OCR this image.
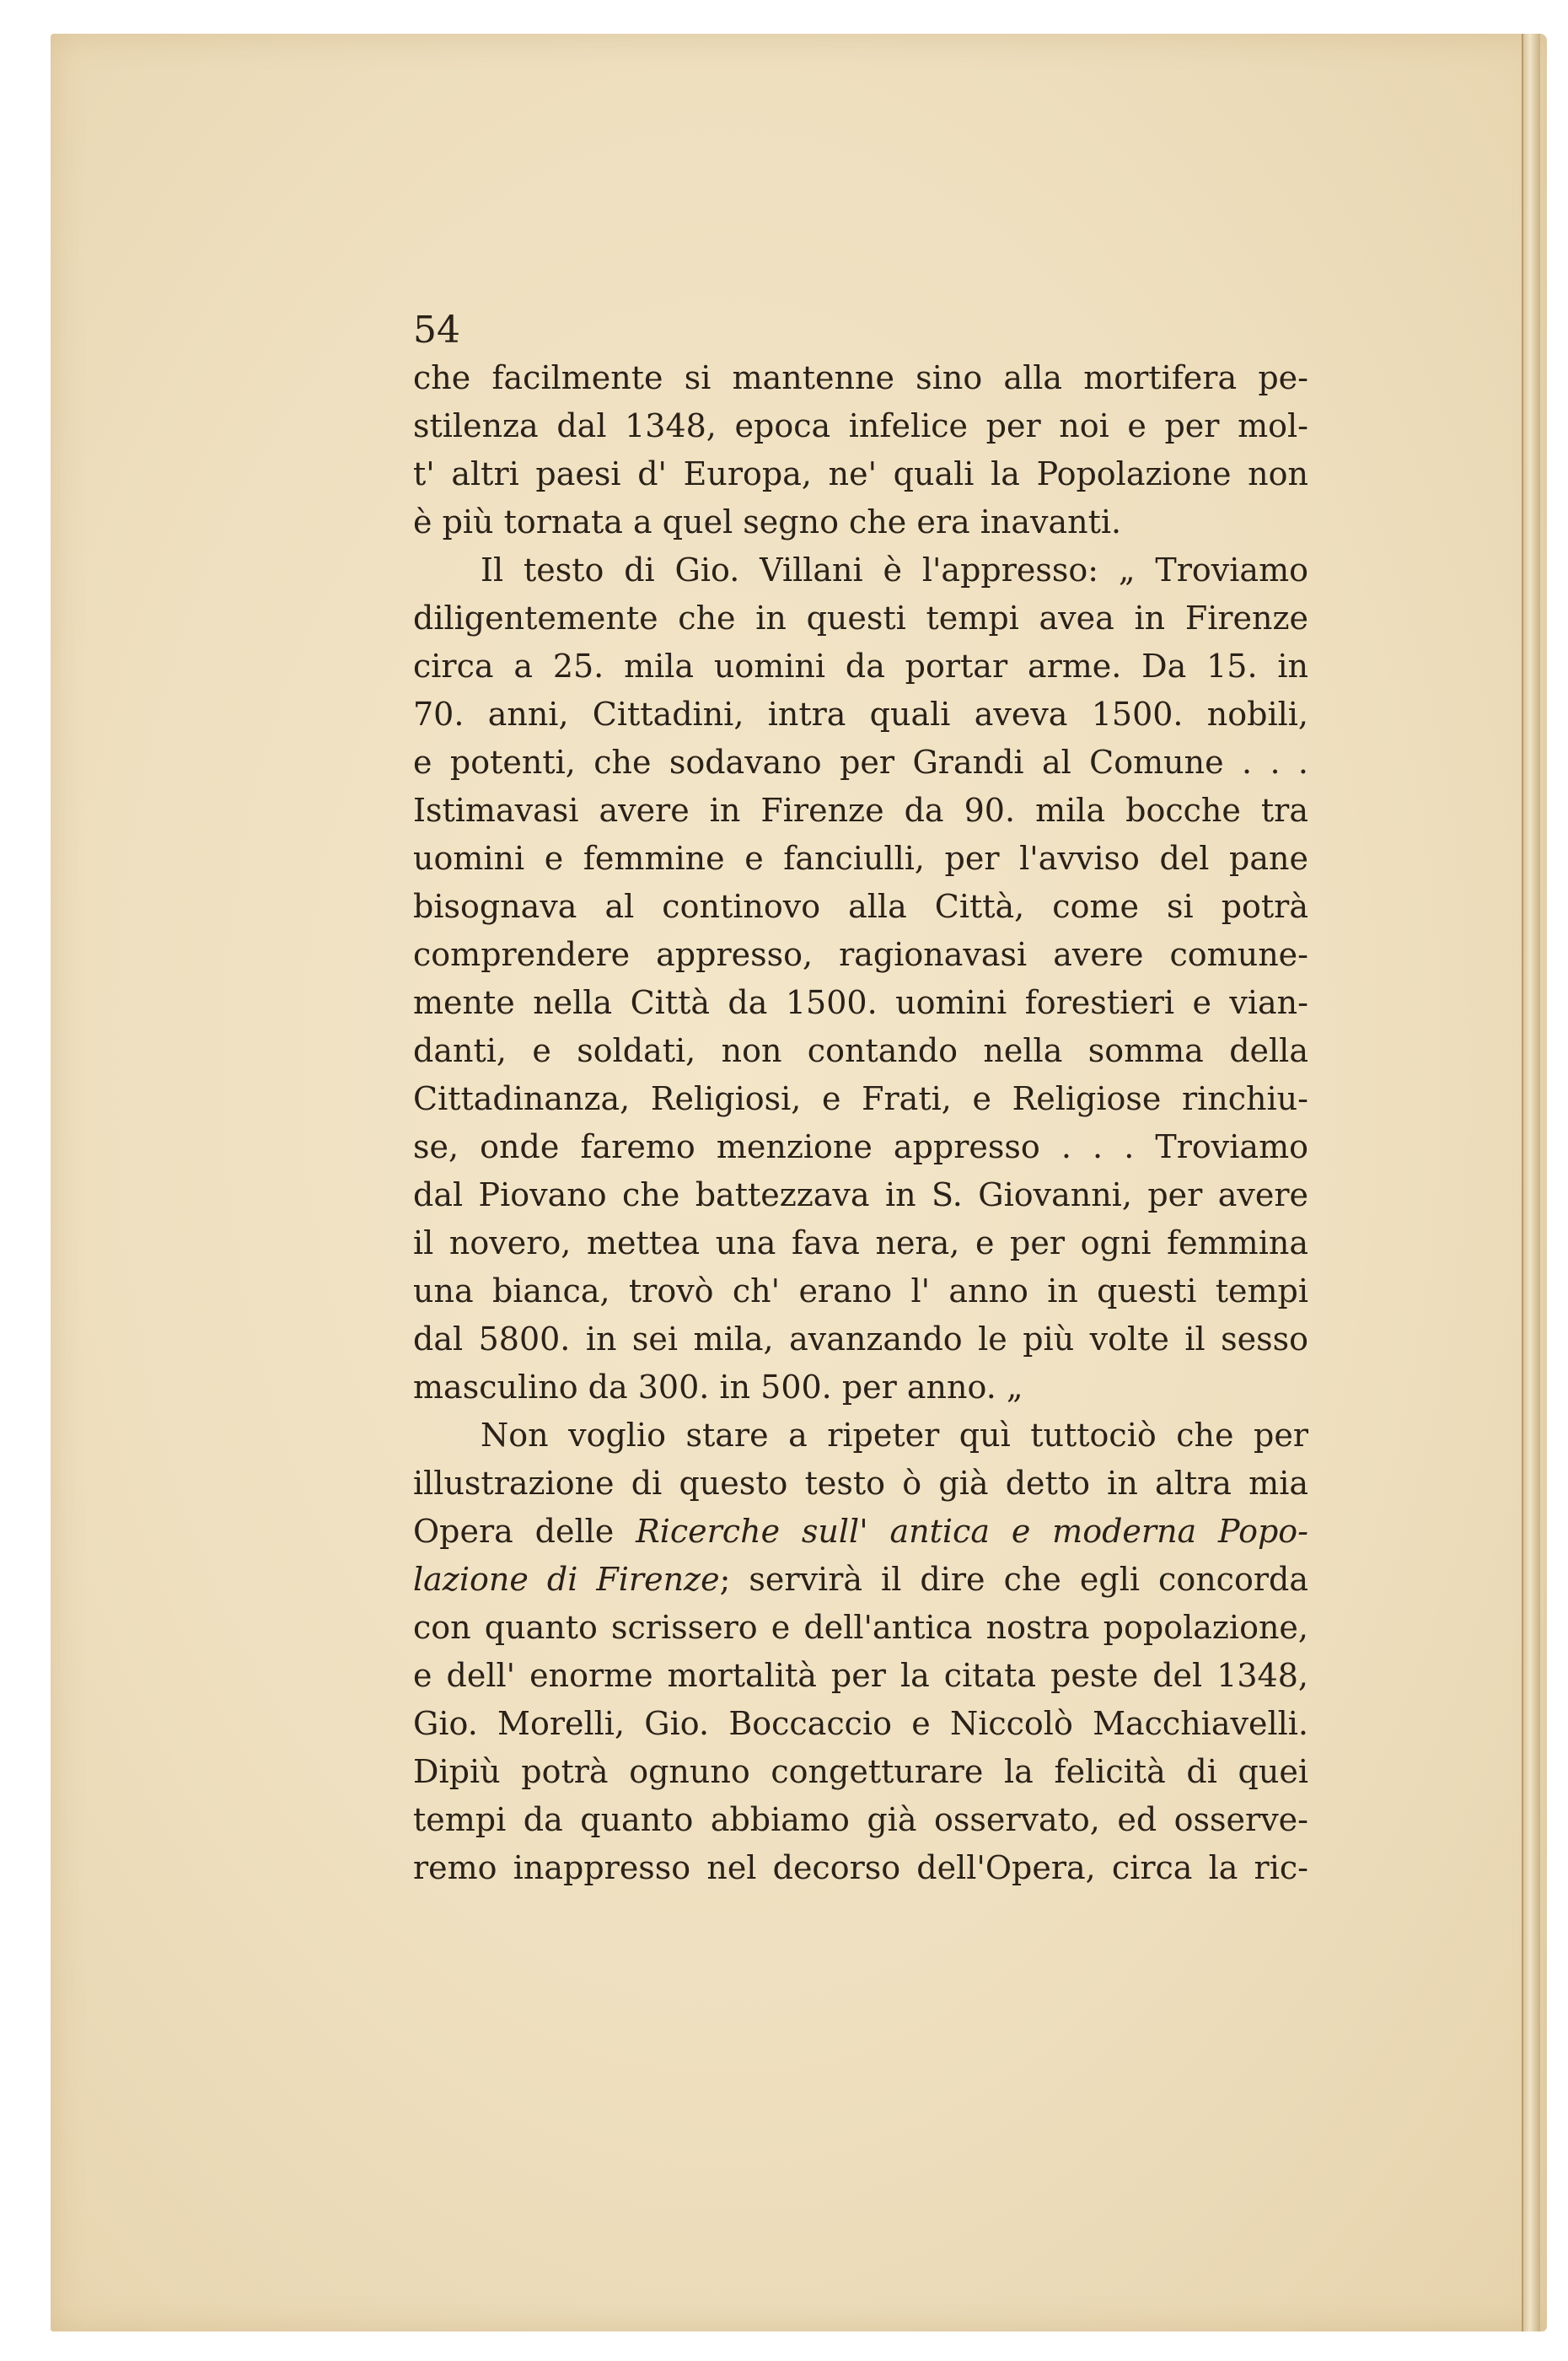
54
che facilmente si mantenne sino alla mortifera pe-
stilenza dal 1348, epoca infelice per noi e per mol-
t' altri paesi d' Europa, ne' quali la Popolazione non
è più tornata a quel segno che era inavanti.
Il testo di Gio. Villani è l'appresso: „ Troviamo
diligentemente che in questi tempi avea in Firenze
circa a 25. mila uomini da portar arme. Da 15. in
70. anni, Cittadini, intra quali aveva 1500. nobili,
e potenti, che sodavano per Grandi al Comune . . .
Istimavasi avere in Firenze da 90. mila bocche tra
uomini e femmine e fanciulli, per l'avviso del pane
bisognava al continovo alla Città, come si potrà
comprendere appresso, ragionavasi avere comune-
mente nella Città da 1500. uomini forestieri e vian-
danti, e soldati, non contando nella somma della
Cittadinanza, Religiosi, e Frati, e Religiose rinchiu-
se, onde faremo menzione appresso . . . Troviamo
dal Piovano che battezzava in S. Giovanni, per avere
il novero, mettea una fava nera, e per ogni femmina
una bianca, trovò ch' erano l' anno in questi tempi
dal 5800. in sei mila, avanzando le più volte il sesso
masculino da 300. in 500. per anno. „
Non voglio stare a ripeter quì tuttociò che per
illustrazione di questo testo ò già detto in altra mia
Opera delle Ricerche sull' antica e moderna Popo-
lazione di Firenze; servirà il dire che egli concorda
con quanto scrissero e dell'antica nostra popolazione,
e dell' enorme mortalità per la citata peste del 1348,
Gio. Morelli, Gio. Boccaccio e Niccolò Macchiavelli.
Dipiù potrà ognuno congetturare la felicità di quei
tempi da quanto abbiamo già osservato, ed osserve-
remo inappresso nel decorso dell'Opera, circa la ric-
